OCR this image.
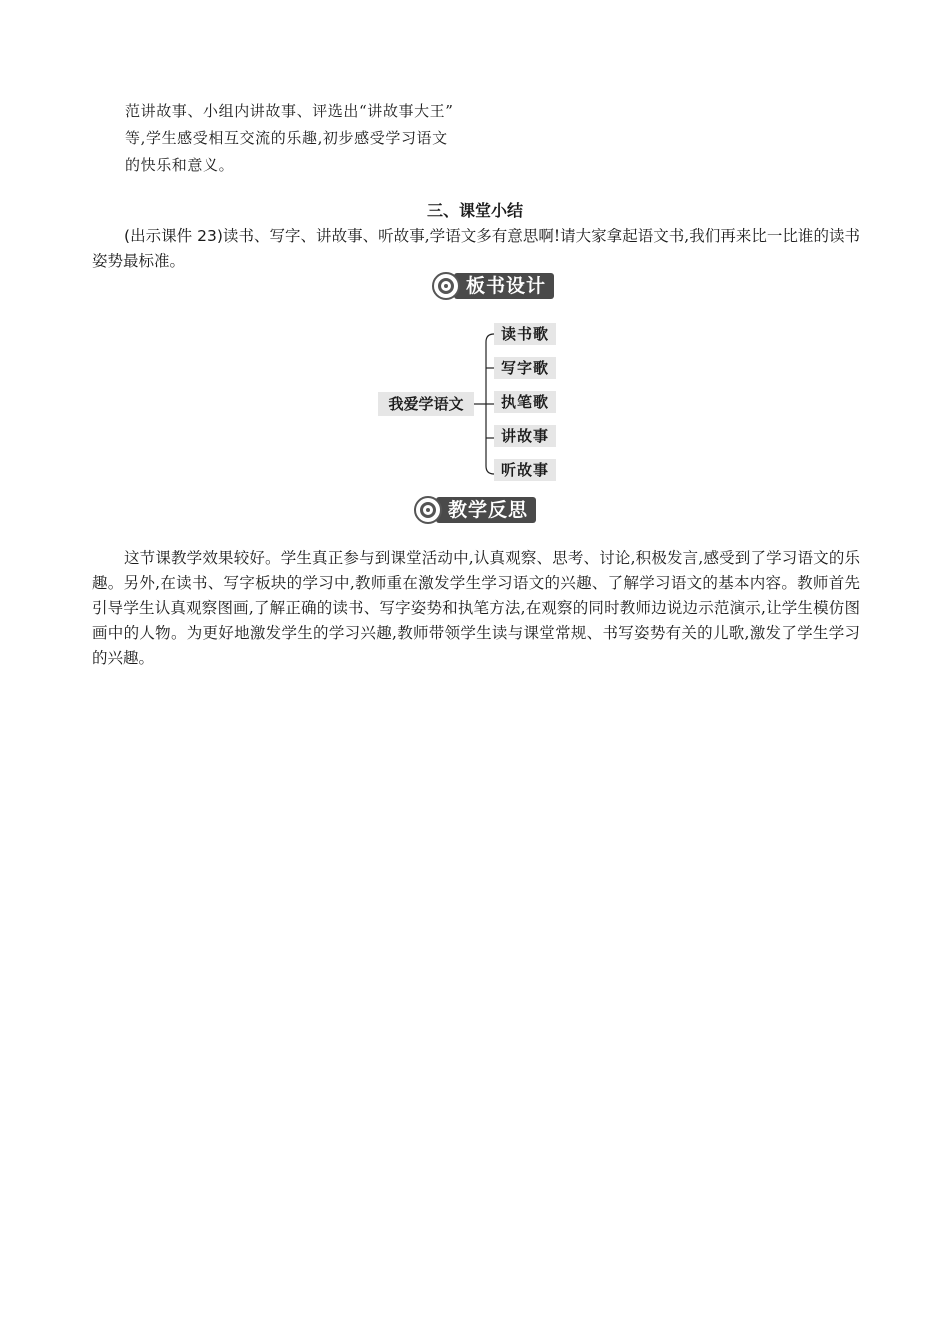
范讲故事、小组内讲故事、评选出“讲故事大王”
等,学生感受相互交流的乐趣,初步感受学习语文
的快乐和意义。
三、课堂小结
(出示课件 23)读书、写字、讲故事、听故事,学语文多有意思啊!请大家拿起语文书,我们再来比一比谁的读书姿势最标准。
板书设计
我爱学语文
读书歌
写字歌
执笔歌
讲故事
听故事
教学反思
这节课教学效果较好。学生真正参与到课堂活动中,认真观察、思考、讨论,积极发言,感受到了学习语文的乐趣。另外,在读书、写字板块的学习中,教师重在激发学生学习语文的兴趣、了解学习语文的基本内容。教师首先引导学生认真观察图画,了解正确的读书、写字姿势和执笔方法,在观察的同时教师边说边示范演示,让学生模仿图画中的人物。为更好地激发学生的学习兴趣,教师带领学生读与课堂常规、书写姿势有关的儿歌,激发了学生学习的兴趣。
